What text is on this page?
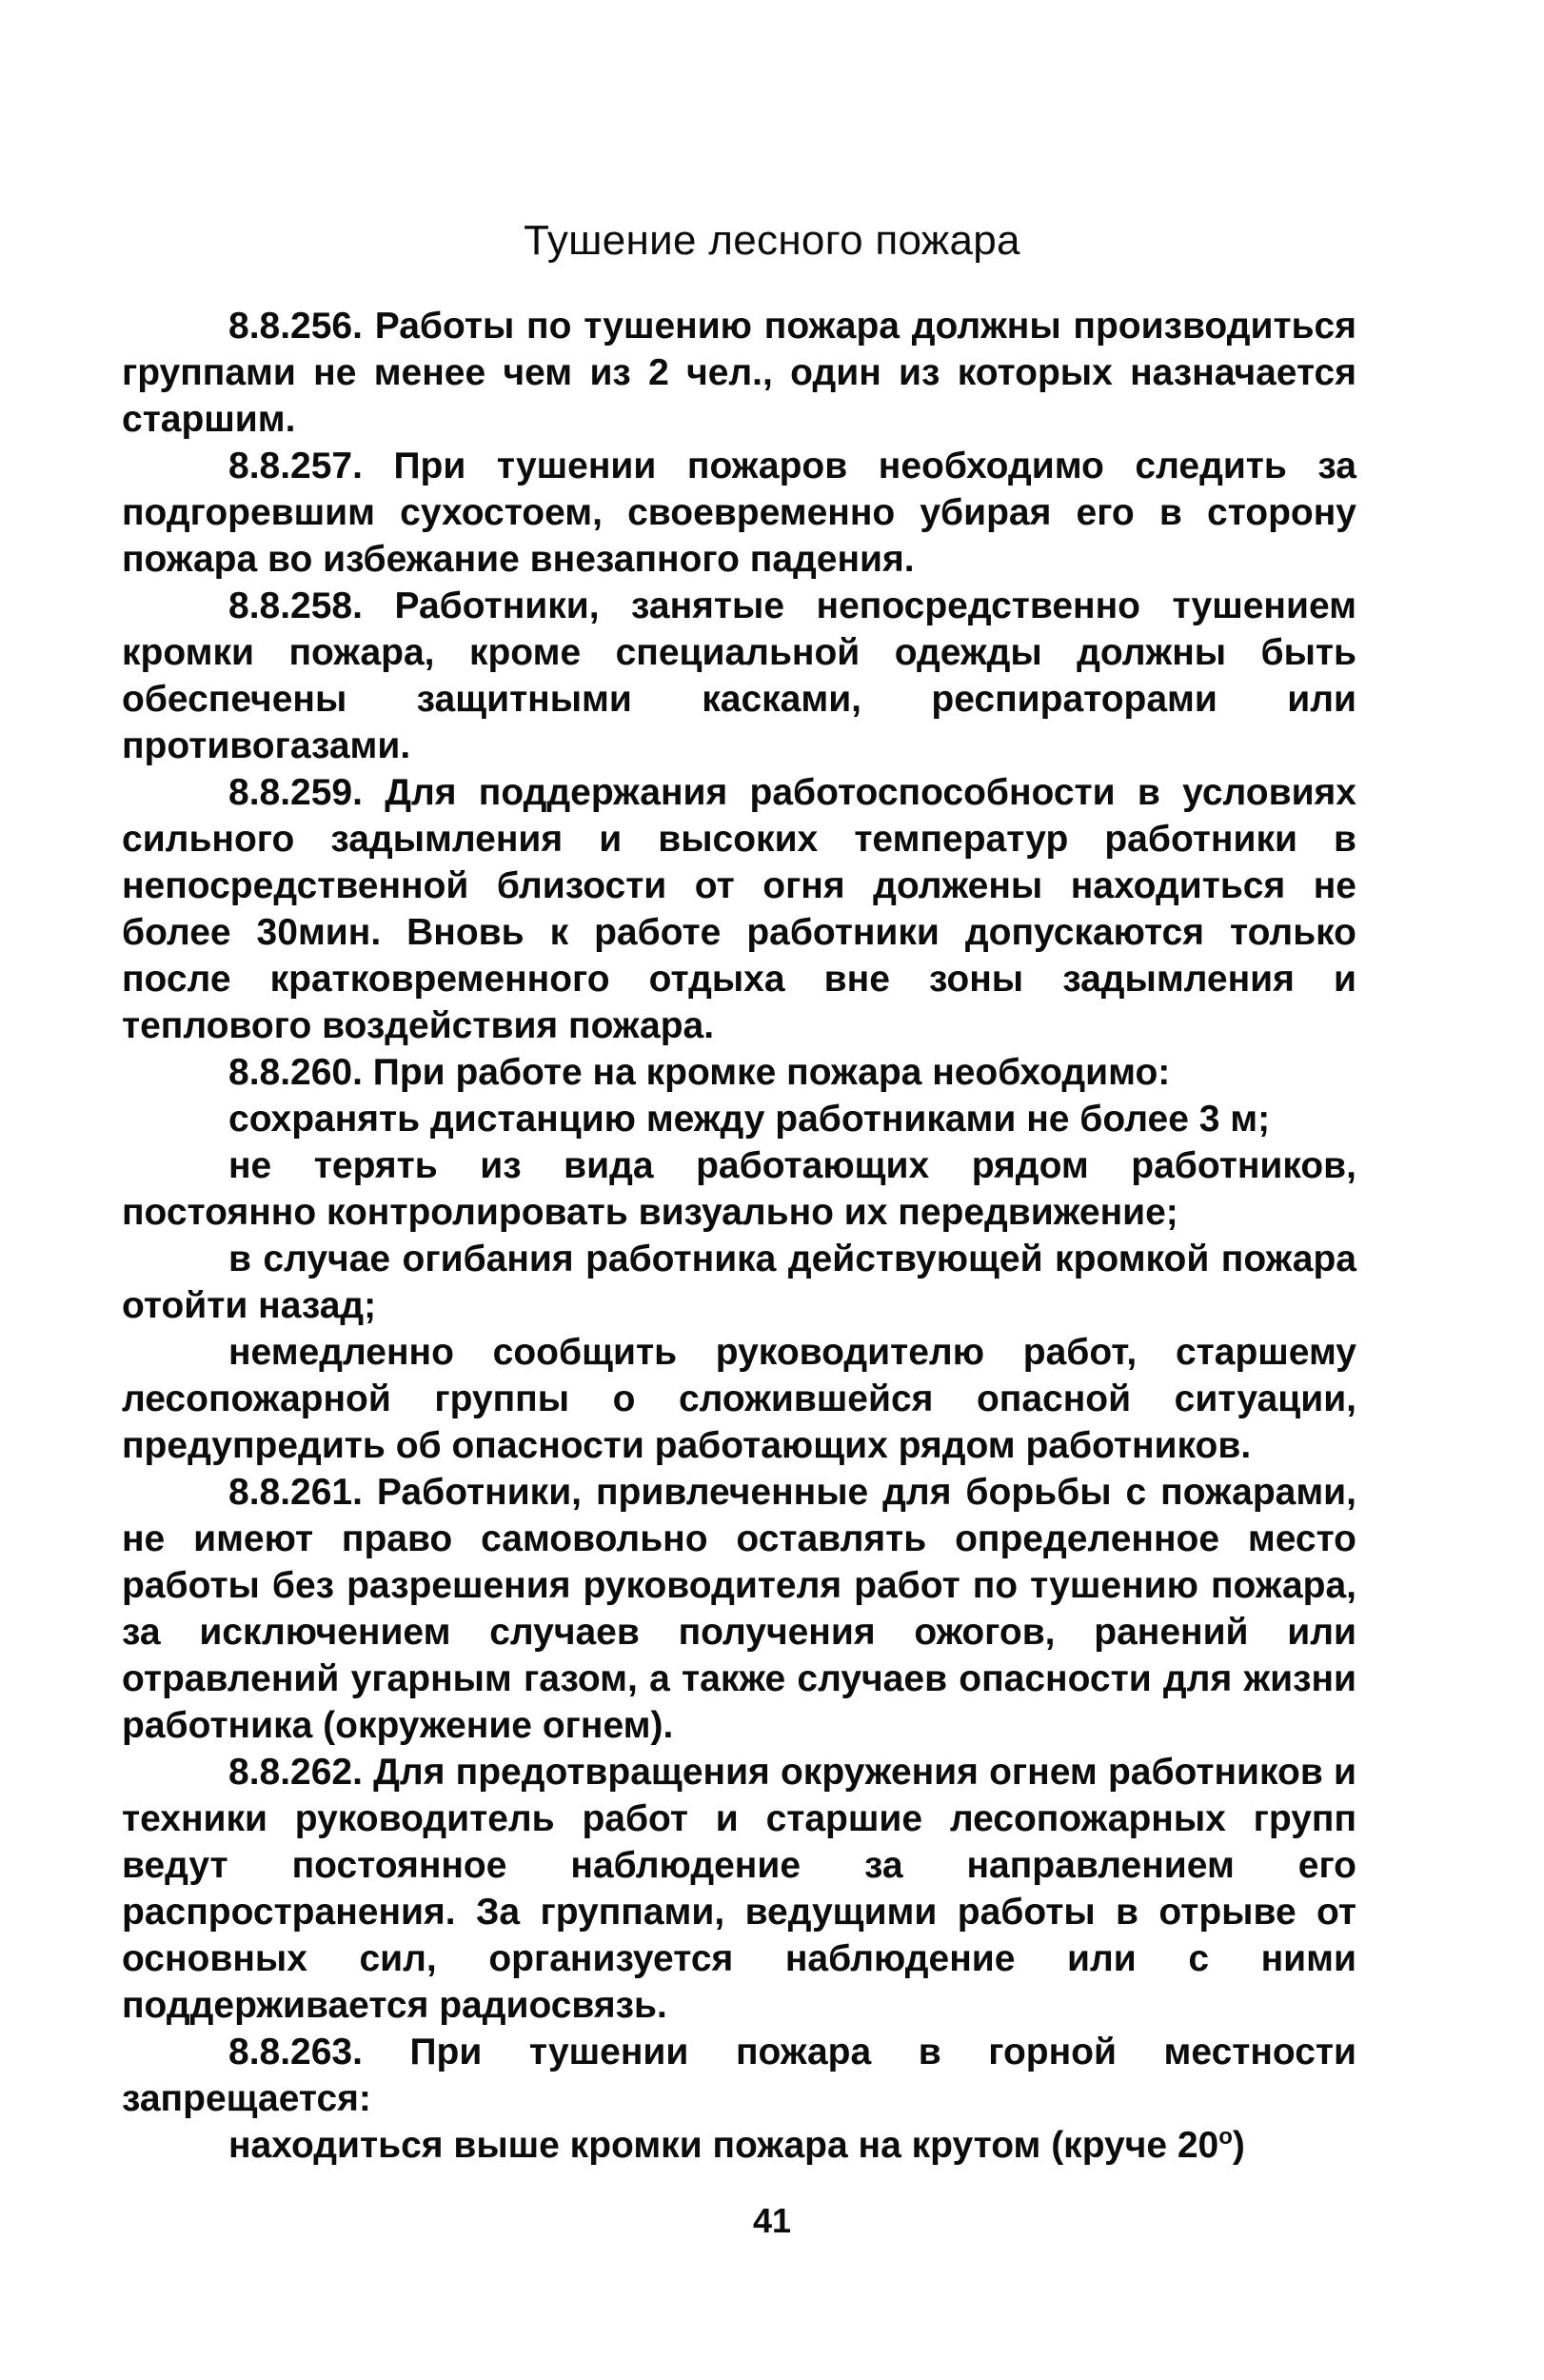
Тушение лесного пожара

8.8.256. Работы по тушению пожара должны производиться группами не менее чем из 2 чел., один из которых назначается старшим.

8.8.257. При тушении пожаров необходимо следить за подгоревшим сухостоем, своевременно убирая его в сторону пожара во избежание внезапного падения.

8.8.258. Работники, занятые непосредственно тушением кромки пожара, кроме специальной одежды должны быть обеспечены защитными касками, респираторами или противогазами.

8.8.259. Для поддержания работоспособности в условиях сильного задымления и высоких температур работники в непосредственной близости от огня должены находиться не более 30мин. Вновь к работе работники допускаются только после кратковременного отдыха вне зоны задымления и теплового воздействия пожара.

8.8.260. При работе на кромке пожара необходимо:

сохранять дистанцию между работниками не более 3 м;

не терять из вида работающих рядом работников, постоянно контролировать визуально их передвижение;

в случае огибания работника действующей кромкой пожара отойти назад;

немедленно сообщить руководителю работ, старшему лесопожарной группы о сложившейся опасной ситуации, предупредить об опасности работающих рядом работников.

8.8.261. Работники, привлеченные для борьбы с пожарами, не имеют право самовольно оставлять определенное место работы без разрешения руководителя работ по тушению пожара, за исключением случаев получения ожогов, ранений или отравлений угарным газом, а также случаев опасности для жизни работника (окружение огнем).

8.8.262. Для предотвращения окружения огнем работников и техники руководитель работ и старшие лесопожарных групп ведут постоянное наблюдение за направлением его распространения. За группами, ведущими работы в отрыве от основных сил, организуется наблюдение или с ними поддерживается радиосвязь.

8.8.263. При тушении пожара в горной местности запрещается:

находиться выше кромки пожара на крутом (круче $20^о$)

41
